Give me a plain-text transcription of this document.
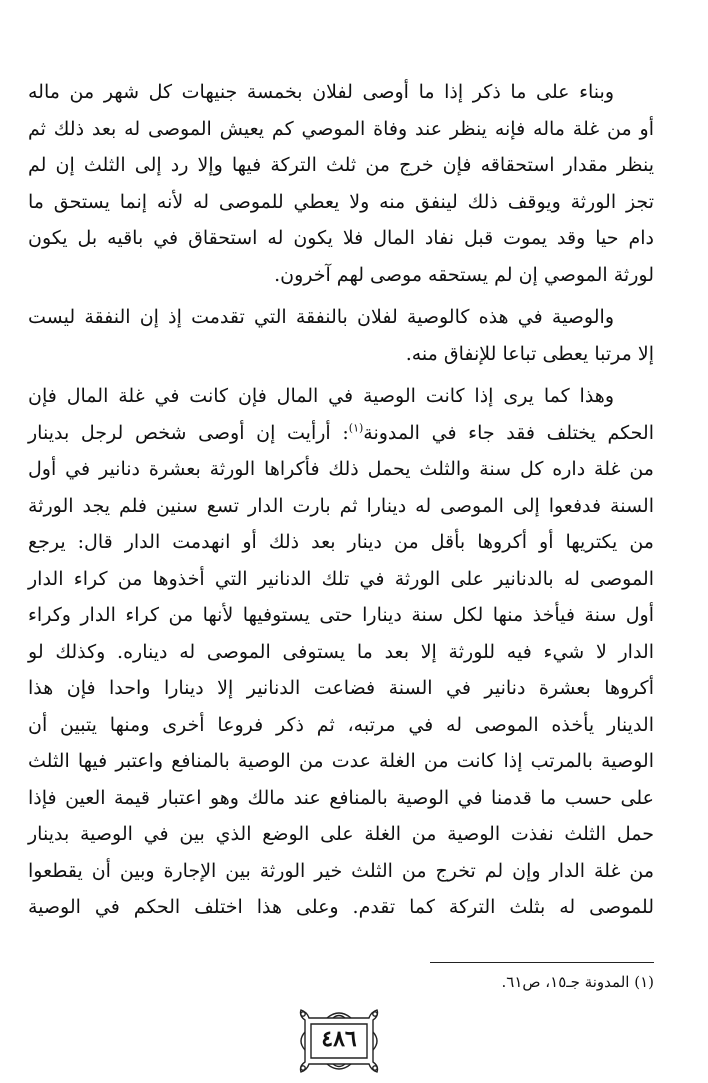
وبناء على ما ذكر إذا ما أوصى لفلان بخمسة جنيهات كل شهر من ماله
أو من غلة ماله فإنه ينظر عند وفاة الموصي كم يعيش الموصى له بعد ذلك ثم
ينظر مقدار استحقاقه فإن خرج من ثلث التركة فيها وإلا رد إلى الثلث إن لم
تجز الورثة ويوقف ذلك لينفق منه ولا يعطي للموصى له لأنه إنما يستحق ما
دام حيا وقد يموت قبل نفاد المال فلا يكون له استحقاق في باقيه بل يكون
لورثة الموصي إن لم يستحقه موصى لهم آخرون.

والوصية في هذه كالوصية لفلان بالنفقة التي تقدمت إذ إن النفقة ليست
إلا مرتبا يعطى تباعا للإنفاق منه.

وهذا كما يرى إذا كانت الوصية في المال فإن كانت في غلة المال فإن
الحكم يختلف فقد جاء في المدونة$^{(١)}$: أرأيت إن أوصى شخص لرجل بدينار
من غلة داره كل سنة والثلث يحمل ذلك فأكراها الورثة بعشرة دنانير في أول
السنة فدفعوا إلى الموصى له دينارا ثم بارت الدار تسع سنين فلم يجد الورثة
من يكتريها أو أكروها بأقل من دينار بعد ذلك أو انهدمت الدار قال: يرجع
الموصى له بالدنانير على الورثة في تلك الدنانير التي أخذوها من كراء الدار
أول سنة فيأخذ منها لكل سنة دينارا حتى يستوفيها لأنها من كراء الدار وكراء
الدار لا شيء فيه للورثة إلا بعد ما يستوفى الموصى له ديناره. وكذلك لو
أكروها بعشرة دنانير في السنة فضاعت الدنانير إلا دينارا واحدا فإن هذا
الدينار يأخذه الموصى له في مرتبه، ثم ذكر فروعا أخرى ومنها يتبين أن
الوصية بالمرتب إذا كانت من الغلة عدت من الوصية بالمنافع واعتبر فيها الثلث
على حسب ما قدمنا في الوصية بالمنافع عند مالك وهو اعتبار قيمة العين فإذا
حمل الثلث نفذت الوصية من الغلة على الوضع الذي بين في الوصية بدينار
من غلة الدار وإن لم تخرج من الثلث خير الورثة بين الإجارة وبين أن يقطعوا
للموصى له بثلث التركة كما تقدم. وعلى هذا اختلف الحكم في الوصية

(١) المدونة جـ١٥، ص٦١.
٤٨٦
